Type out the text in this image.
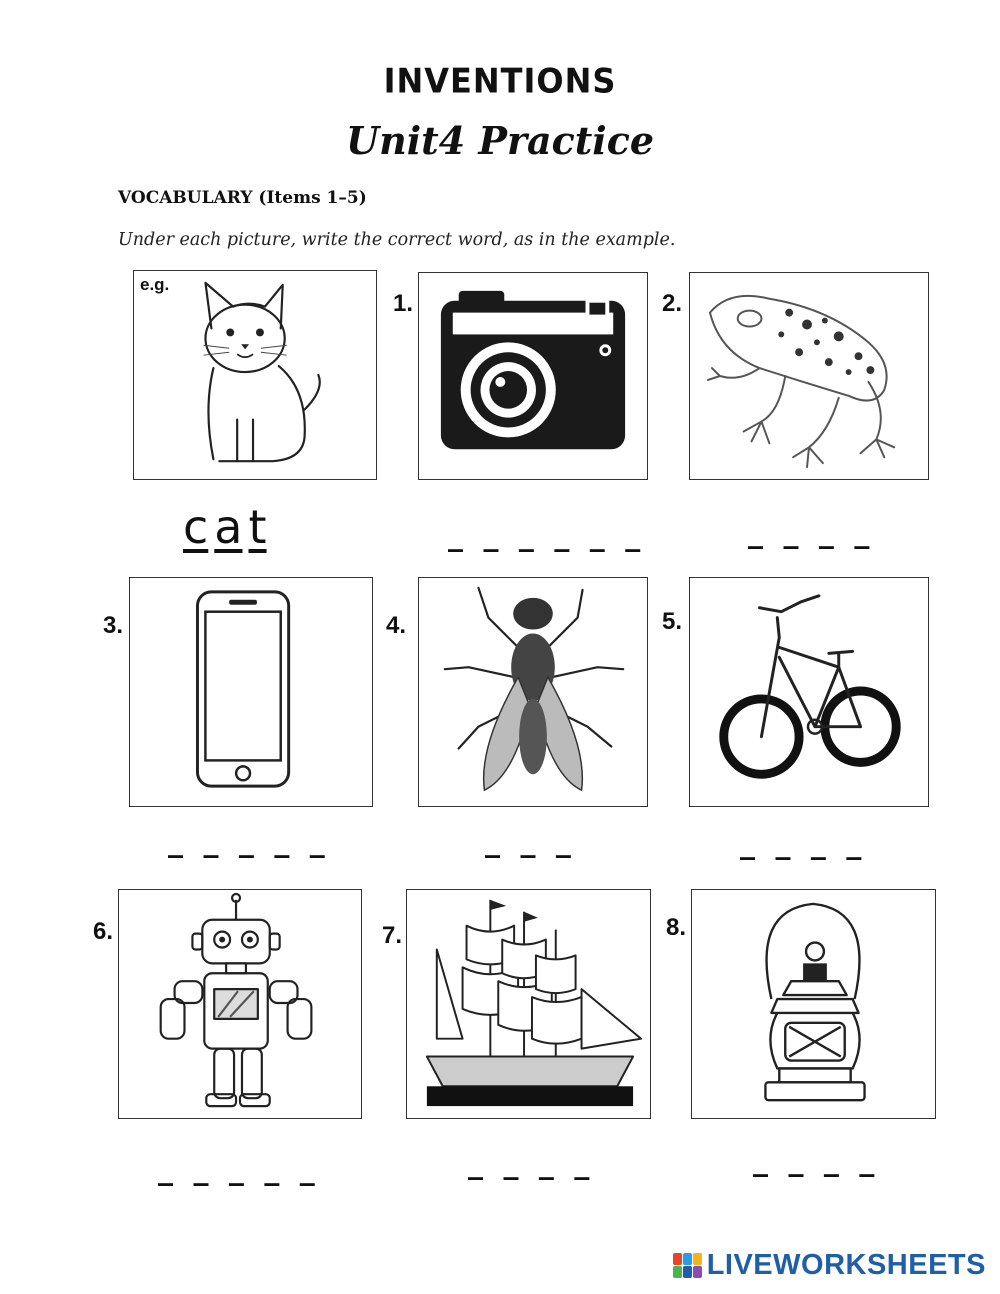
INVENTIONS
Unit4 Practice
VOCABULARY (Items 1–5)
Under each picture, write the correct word, as in the example.
e.g.
c a t
1.
_ _ _ _ _ _
2.
_ _ _ _
3.
_ _ _ _ _
4.
_ _ _
5.
_ _ _ _
6.
_ _ _ _ _
7.
_ _ _ _
8.
_ _ _ _
LIVEWORKSHEETS
